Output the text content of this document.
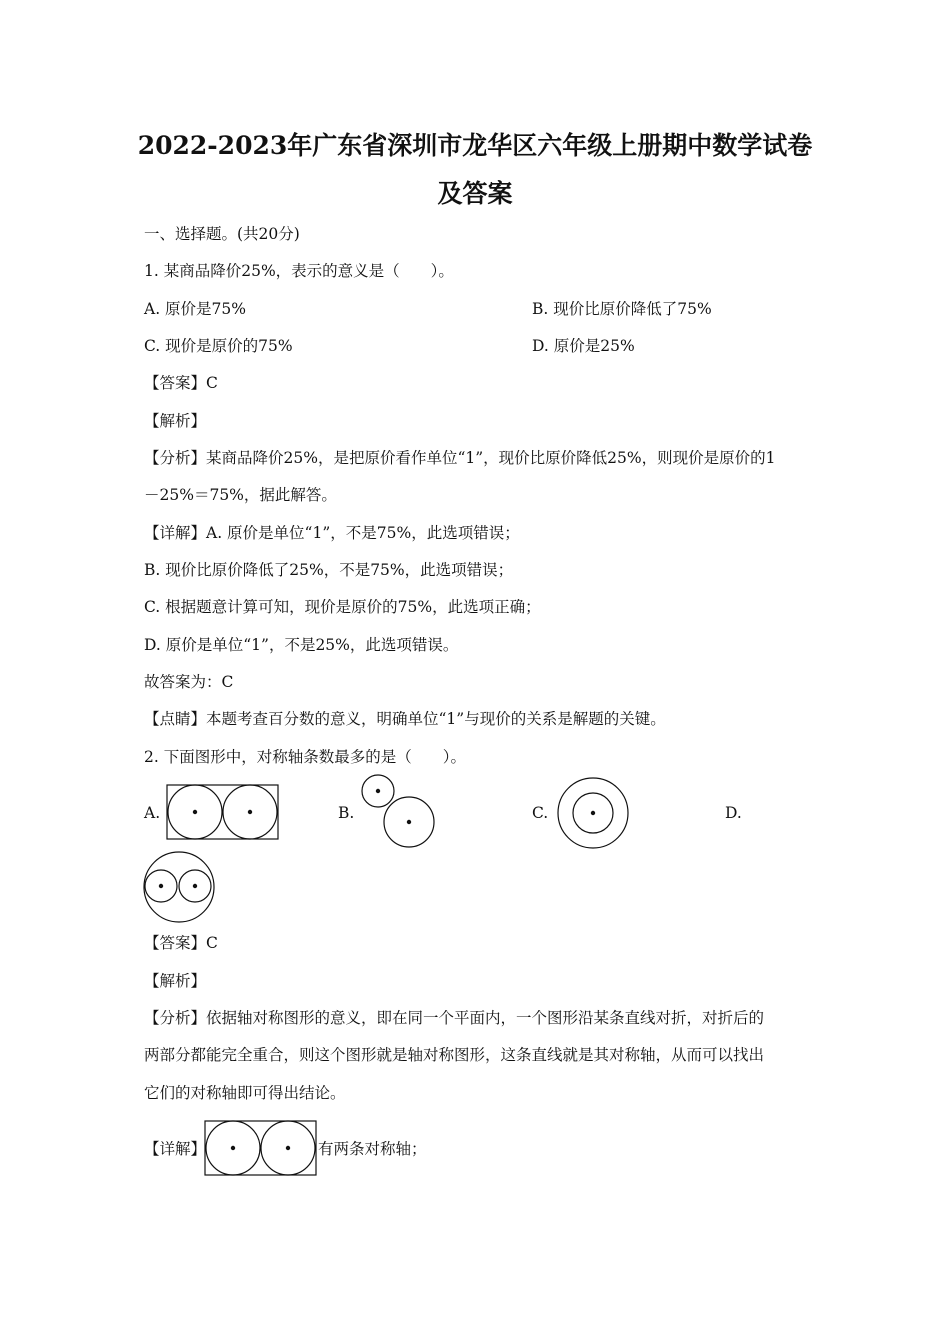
2022-2023年广东省深圳市龙华区六年级上册期中数学试卷
及答案
一、选择题。(共20分)
1. 某商品降价25%，表示的意义是（　　）。
A. 原价是75%	B. 现价比原价降低了75%
C. 现价是原价的75%	D. 原价是25%
【答案】C
【解析】
【分析】某商品降价25%，是把原价看作单位“1”，现价比原价降低25%，则现价是原价的1
－25%＝75%，据此解答。
【详解】A. 原价是单位“1”，不是75%，此选项错误；
B. 现价比原价降低了25%，不是75%，此选项错误；
C. 根据题意计算可知，现价是原价的75%，此选项正确；
D. 原价是单位“1”，不是25%，此选项错误。
故答案为：C
【点睛】本题考查百分数的意义，明确单位“1”与现价的关系是解题的关键。
2. 下面图形中，对称轴条数最多的是（　　）。
A.	B.	C.	D.
【答案】C
【解析】
【分析】依据轴对称图形的意义，即在同一个平面内，一个图形沿某条直线对折，对折后的
两部分都能完全重合，则这个图形就是轴对称图形，这条直线就是其对称轴，从而可以找出
它们的对称轴即可得出结论。
【详解】	有两条对称轴；
